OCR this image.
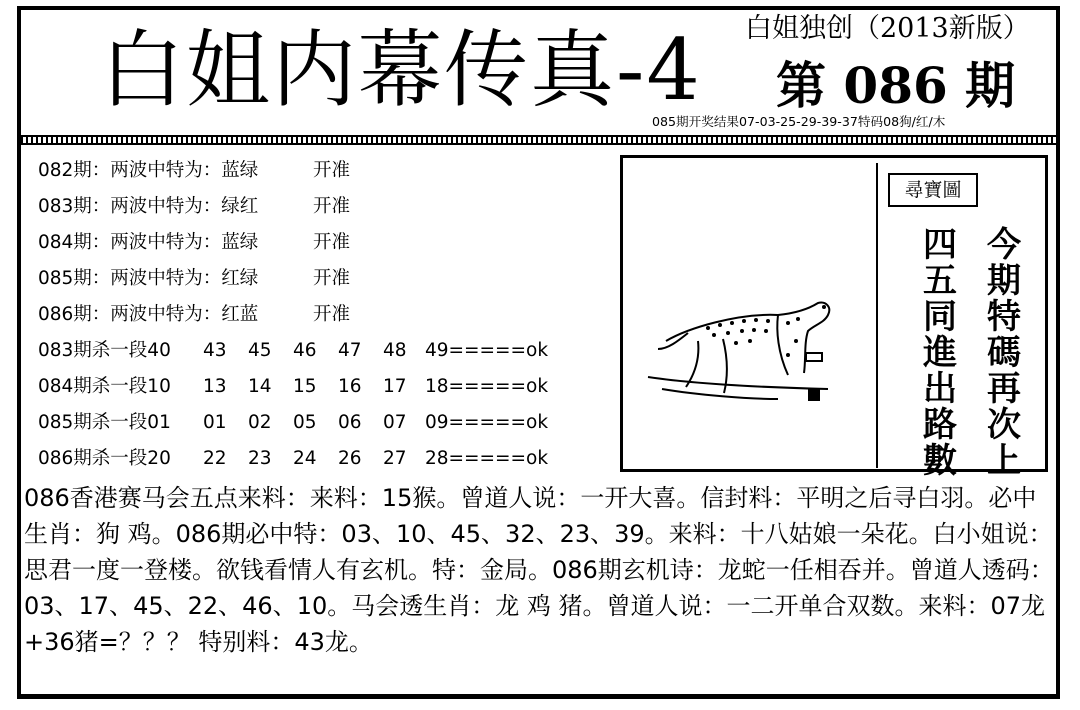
白姐内幕传真-4 白姐独创（2013新版）
第 086 期
085期开奖结果07-03-25-29-39-37特码08狗/红/木
082期：两波中特为：蓝绿	开准
083期：两波中特为：绿红	开准
084期：两波中特为：蓝绿	开准
085期：两波中特为：红绿	开准
086期：两波中特为：红蓝	开准
083期杀一段40 43 45 46 47 48 49=====ok
084期杀一段10 13 14 15 16 17 18=====ok
085期杀一段01 01 02 05 06 07 09=====ok
086期杀一段20 22 23 24 26 27 28=====ok
尋寶圖
今期特碼再次上
四五同進出路數
086香港赛马会五点来料：来料：15猴。曾道人说：一开大喜。信封料：平明之后寻白羽。必中生肖：狗 鸡。086期必中特：03、10、45、32、23、39。来料：十八姑娘一朵花。白小姐说：思君一度一登楼。欲钱看情人有玄机。特：金局。086期玄机诗：龙蛇一任相吞并。曾道人透码：03、17、45、22、46、10。马会透生肖：龙 鸡 猪。曾道人说：一二开单合双数。来料：07龙+36猪=？？？ 特别料：43龙。
